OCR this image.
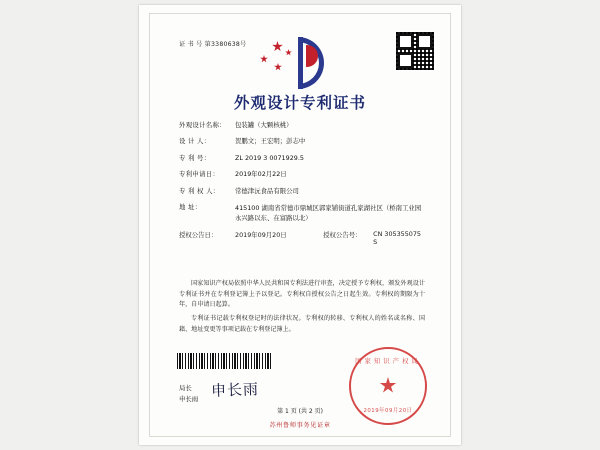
证 书 号 第3380638号
外观设计专利证书
外观设计名称：	包装罐（大颗核桃）
设 计 人：	贺鹏文；王宏明；彭志中
专 利 号：	ZL 2019 3 0071929.5
专利申请日：	2019年02月22日
专 利 权 人：	常德津沅食品有限公司
地 址：	415100 湖南省常德市鼎城区郭家铺街道孔家湖社区（桥南工业园永兴路以东、在富路以北）
授权公告日：	2019年09月20日	授权公告号：	CN 305355075 S

国家知识产权局依照中华人民共和国专利法进行审查，决定授予专利权，颁发外观设计专利证书并在专利登记簿上予以登记。专利权自授权公告之日起生效。专利权的期限为十年，自申请日起算。

专利证书记载专利权登记时的法律状况。专利权的转移、专利权人的姓名或名称、国籍、地址变更等事项记载在专利登记簿上。

局长
申长雨 申长雨
国家知识产权局
2019年09月20日
第 1 页 (共 2 页)
苏州鲁师事务见证章
